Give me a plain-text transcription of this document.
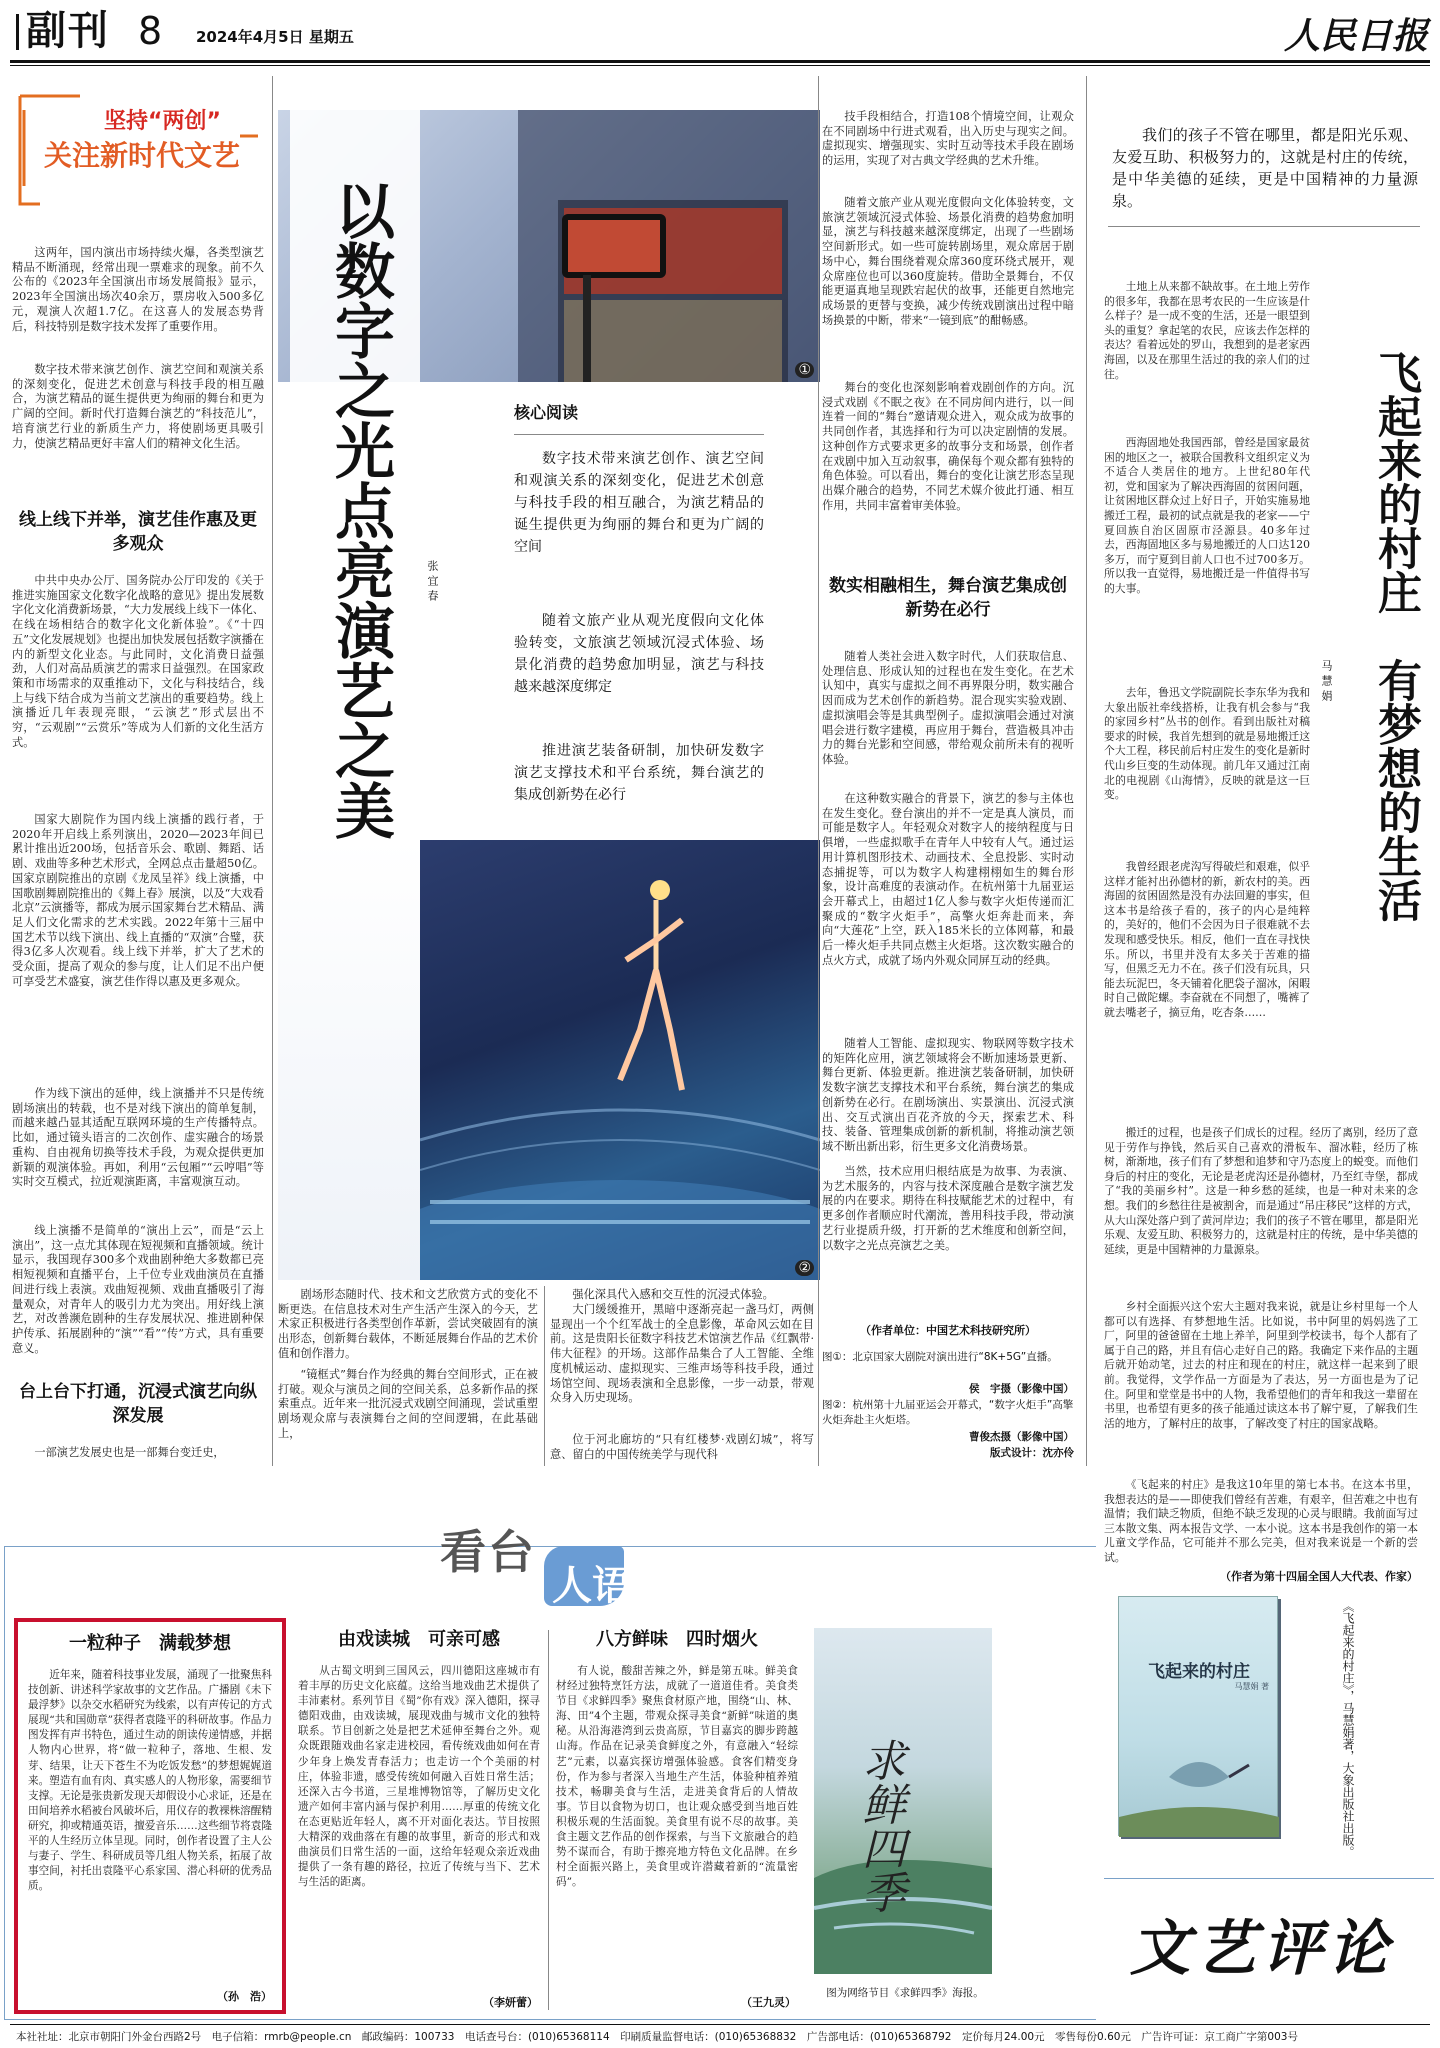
副刊 8 2024年4月5日 星期五	人民日报
坚持“两创”
关注新时代文艺
这两年，国内演出市场持续火爆，各类型演艺精品不断涌现，经常出现一票难求的现象。前不久公布的《2023年全国演出市场发展简报》显示，2023年全国演出场次40余万，票房收入500多亿元，观演人次超1.7亿。在这喜人的发展态势背后，科技特别是数字技术发挥了重要作用。
数字技术带来演艺创作、演艺空间和观演关系的深刻变化，促进艺术创意与科技手段的相互融合，为演艺精品的诞生提供更为绚丽的舞台和更为广阔的空间。新时代打造舞台演艺的“科技范儿”，培育演艺行业的新质生产力，将使剧场更具吸引力，使演艺精品更好丰富人们的精神文化生活。
线上线下并举，演艺佳作惠及更多观众
中共中央办公厅、国务院办公厅印发的《关于推进实施国家文化数字化战略的意见》提出发展数字化文化消费新场景，“大力发展线上线下一体化、在线在场相结合的数字化文化新体验”。《“十四五”文化发展规划》也提出加快发展包括数字演播在内的新型文化业态。与此同时，文化消费日益强劲，人们对高品质演艺的需求日益强烈。在国家政策和市场需求的双重推动下，文化与科技结合，线上与线下结合成为当前文艺演出的重要趋势。线上演播近几年表现亮眼，“云演艺”形式层出不穷，“云观剧”“云赏乐”等成为人们新的文化生活方式。
国家大剧院作为国内线上演播的践行者，于2020年开启线上系列演出，2020—2023年间已累计推出近200场，包括音乐会、歌剧、舞蹈、话剧、戏曲等多种艺术形式，全网总点击量超50亿。国家京剧院推出的京剧《龙凤呈祥》线上演播，中国歌剧舞剧院推出的《舞上春》展演，以及“大戏看北京”云演播等，都成为展示国家舞台艺术精品、满足人们文化需求的艺术实践。2022年第十三届中国艺术节以线下演出、线上直播的“双演”合璧，获得3亿多人次观看。线上线下并举，扩大了艺术的受众面，提高了观众的参与度，让人们足不出户便可享受艺术盛宴，演艺佳作得以惠及更多观众。
作为线下演出的延伸，线上演播并不只是传统剧场演出的转载，也不是对线下演出的简单复制，而越来越凸显其适配互联网环境的生产传播特点。比如，通过镜头语言的二次创作、虚实融合的场景重构、自由视角切换等技术手段，为观众提供更加新颖的观演体验。再如，利用“云包厢”“云哼唱”等实时交互模式，拉近观演距离，丰富观演互动。
线上演播不是简单的“演出上云”，而是“云上演出”，这一点尤其体现在短视频和直播领域。统计显示，我国现存300多个戏曲剧种绝大多数都已亮相短视频和直播平台，上千位专业戏曲演员在直播间进行线上表演。戏曲短视频、戏曲直播吸引了海量观众，对青年人的吸引力尤为突出。用好线上演艺，对改善濒危剧种的生存发展状况、推进剧种保护传承、拓展剧种的“演”“看”“传”方式，具有重要意义。
台上台下打通，沉浸式演艺向纵深发展
一部演艺发展史也是一部舞台变迁史，
①
以数字之光点亮演艺之美	张宜春
核心阅读
数字技术带来演艺创作、演艺空间和观演关系的深刻变化，促进艺术创意与科技手段的相互融合，为演艺精品的诞生提供更为绚丽的舞台和更为广阔的空间
随着文旅产业从观光度假向文化体验转变，文旅演艺领域沉浸式体验、场景化消费的趋势愈加明显，演艺与科技越来越深度绑定
推进演艺装备研制，加快研发数字演艺支撑技术和平台系统，舞台演艺的集成创新势在必行
②
剧场形态随时代、技术和文艺欣赏方式的变化不断更迭。在信息技术对生产生活产生深入的今天，艺术家正积极进行各类型创作革新，尝试突破固有的演出形态，创新舞台载体，不断延展舞台作品的艺术价值和创作潜力。
“镜框式”舞台作为经典的舞台空间形式，正在被打破。观众与演员之间的空间关系，总多新作品的探索重点。近年来一批沉浸式戏剧空间涌现，尝试重塑剧场观众席与表演舞台之间的空间逻辑，在此基础上，
强化深具代入感和交互性的沉浸式体验。
大门缓缓推开，黑暗中逐渐亮起一盏马灯，两侧显现出一个个红军战士的全息影像，革命风云如在目前。这是贵阳长征数字科技艺术馆演艺作品《红飘带·伟大征程》的开场。这部作品集合了人工智能、全维度机械运动、虚拟现实、三维声场等科技手段，通过场馆空间、现场表演和全息影像，一步一动景，带观众身入历史现场。
位于河北廊坊的“只有红楼梦·戏剧幻城”，将写意、留白的中国传统美学与现代科
技手段相结合，打造108个情境空间，让观众在不同剧场中行进式观看，出入历史与现实之间。虚拟现实、增强现实、实时互动等技术手段在剧场的运用，实现了对古典文学经典的艺术升维。
随着文旅产业从观光度假向文化体验转变，文旅演艺领域沉浸式体验、场景化消费的趋势愈加明显，演艺与科技越来越深度绑定，出现了一些剧场空间新形式。如一些可旋转剧场里，观众席居于剧场中心，舞台围绕着观众席360度环绕式展开，观众席座位也可以360度旋转。借助全景舞台，不仅能更逼真地呈现跌宕起伏的故事，还能更自然地完成场景的更替与变换，减少传统戏剧演出过程中暗场换景的中断，带来“一镜到底”的酣畅感。
舞台的变化也深刻影响着戏剧创作的方向。沉浸式戏剧《不眠之夜》在不同房间内进行，以一间连着一间的“舞台”邀请观众进入，观众成为故事的共同创作者，其选择和行为可以决定剧情的发展。这种创作方式要求更多的故事分支和场景，创作者在戏剧中加入互动叙事，确保每个观众都有独特的角色体验。可以看出，舞台的变化让演艺形态呈现出媒介融合的趋势，不同艺术媒介彼此打通、相互作用，共同丰富着审美体验。
数实相融相生，舞台演艺集成创新势在必行
随着人类社会进入数字时代，人们获取信息、处理信息、形成认知的过程也在发生变化。在艺术认知中，真实与虚拟之间不再界限分明，数实融合因而成为艺术创作的新趋势。混合现实实验戏剧、虚拟演唱会等是其典型例子。虚拟演唱会通过对演唱会进行数字建模，再应用于舞台，营造极具冲击力的舞台光影和空间感，带给观众前所未有的视听体验。
在这种数实融合的背景下，演艺的参与主体也在发生变化。登台演出的并不一定是真人演员，而可能是数字人。年轻观众对数字人的接纳程度与日俱增，一些虚拟歌手在青年人中较有人气。通过运用计算机图形技术、动画技术、全息投影、实时动态捕捉等，可以为数字人构建栩栩如生的舞台形象，设计高难度的表演动作。在杭州第十九届亚运会开幕式上，由超过1亿人参与数字火炬传递而汇聚成的“数字火炬手”，高擎火炬奔赴而来，奔向“大莲花”上空，跃入185米长的立体网幕，和最后一棒火炬手共同点燃主火炬塔。这次数实融合的点火方式，成就了场内外观众同屏互动的经典。
随着人工智能、虚拟现实、物联网等数字技术的矩阵化应用，演艺领域将会不断加速场景更新、舞台更新、体验更新。推进演艺装备研制，加快研发数字演艺支撑技术和平台系统，舞台演艺的集成创新势在必行。在剧场演出、实景演出、沉浸式演出、交互式演出百花齐放的今天，探索艺术、科技、装备、管理集成创新的新机制，将推动演艺领域不断出新出彩，衍生更多文化消费场景。
当然，技术应用归根结底是为故事、为表演、为艺术服务的，内容与技术深度融合是数字演艺发展的内在要求。期待在科技赋能艺术的过程中，有更多创作者顺应时代潮流，善用科技手段，带动演艺行业提质升级，打开新的艺术维度和创新空间，以数字之光点亮演艺之美。
（作者单位：中国艺术科技研究所）
图①：北京国家大剧院对演出进行“8K+5G”直播。
侯　宇摄（影像中国）
图②：杭州第十九届亚运会开幕式，“数字火炬手”高擎火炬奔赴主火炬塔。
曹俊杰摄（影像中国）
版式设计：沈亦伶
我们的孩子不管在哪里，都是阳光乐观、友爱互助、积极努力的，这就是村庄的传统，是中华美德的延续，更是中国精神的力量源泉。
飞起来的村庄　有梦想的生活
马慧娟
土地上从来都不缺故事。在土地上劳作的很多年，我都在思考农民的一生应该是什么样子？是一成不变的生活，还是一眼望到头的重复？拿起笔的农民，应该去作怎样的表达？看着远处的罗山，我想到的是老家西海固，以及在那里生活过的我的亲人们的过往。
西海固地处我国西部，曾经是国家最贫困的地区之一，被联合国教科文组织定义为不适合人类居住的地方。上世纪80年代初，党和国家为了解决西海固的贫困问题，让贫困地区群众过上好日子，开始实施易地搬迁工程，最初的试点就是我的老家——宁夏回族自治区固原市泾源县。40多年过去，西海固地区多与易地搬迁的人口达120多万，而宁夏到目前人口也不过700多万。所以我一直觉得，易地搬迁是一件值得书写的大事。
去年，鲁迅文学院副院长李东华为我和大象出版社牵线搭桥，让我有机会参与“我的家园乡村”丛书的创作。看到出版社对稿要求的时候，我首先想到的就是易地搬迁这个大工程，移民前后村庄发生的变化是新时代山乡巨变的生动体现。前几年又通过江南北的电视剧《山海情》，反映的就是这一巨变。
我曾经跟老虎沟写得破烂和艰难，似乎这样才能衬出孙德材的新，新农村的美。西海固的贫困固然是没有办法回避的事实，但这本书是给孩子看的，孩子的内心是纯粹的，美好的，他们不会因为日子很难就不去发现和感受快乐。相反，他们一直在寻找快乐。所以，书里并没有太多关于苦难的描写，但黑乏无力不在。孩子们没有玩具，只能去玩泥巴，冬天铺着化肥袋子溜冰，闲暇时自己做陀螺。李奋就在不同想了，嘴裤了就去嘴老子，摘豆角，吃杏条……
搬迁的过程，也是孩子们成长的过程。经历了离别，经历了意见于劳作与挣钱，然后买自己喜欢的滑板车、溜冰鞋，经历了栋树，渐渐地，孩子们有了梦想和追梦和守乃态度上的蜕变。而他们身后的村庄的变化，无论是老虎沟还是孙德材，乃至红寺堡，都成了“我的美丽乡村”。这是一种乡愁的延续，也是一种对未来的念想。我们的乡愁往往是被割舍，而是通过“吊庄移民”这样的方式，从大山深处落户到了黄河岸边；我们的孩子不管在哪里，都是阳光乐观、友爱互助、积极努力的，这就是村庄的传统，是中华美德的延续，更是中国精神的力量源泉。
乡村全面振兴这个宏大主题对我来说，就是让乡村里每一个人都可以有选择、有梦想地生活。比如说，书中阿里的妈妈选了工厂，阿里的爸爸留在土地上养羊，阿里到学校读书，每个人都有了属于自己的路，并且有信心走好自己的路。我确定下来作品的主题后就开始动笔，过去的村庄和现在的村庄，就这样一起来到了眼前。我觉得，文学作品一方面是为了表达，另一方面也是为了记住。阿里和堂堂是书中的人物，我希望他们的青年和我这一辈留在书里，也希望有更多的孩子能通过读这本书了解宁夏，了解我们生活的地方，了解村庄的故事，了解改变了村庄的国家战略。
《飞起来的村庄》是我这10年里的第七本书。在这本书里，我想表达的是——即使我们曾经有苦难，有艰辛，但苦难之中也有温情；我们缺乏物质，但绝不缺乏发现的心灵与眼睛。我前面写过三本散文集、两本报告文学、一本小说。这本书是我创作的第一本儿童文学作品，它可能并不那么完美，但对我来说是一个新的尝试。
（作者为第十四届全国人大代表、作家）
看台
人语
一粒种子　满载梦想
近年来，随着科技事业发展，涌现了一批聚焦科技创新、讲述科学家故事的文艺作品。广播剧《未下最浮梦》以杂交水稻研究为线索，以有声传记的方式展现“共和国勋章”获得者袁隆平的科研故事。作品力图发挥有声书特色，通过生动的朗读传递情感，并据人物内心世界，将“做一粒种子，落地、生根、发芽、结果，让天下苍生不为吃饭发愁”的梦想娓娓道来。塑造有血有肉、真实感人的人物形象，需要细节支撑。无论是张贵新发现天却假设小心求证，还是在田间培养水稻被台风破坏后，用仪存的教裸株溶醒精研究，抑或精通英语，擅爱音乐……这些细节将袁隆平的人生经历立体呈现。同时，创作者设置了主人公与妻子、学生、科研成员等几组人物关系，拓展了故事空间，衬托出袁隆平心系家国、潜心科研的优秀品质。
（孙　浩）
由戏读城　可亲可感
从古蜀文明到三国风云，四川德阳这座城市有着丰厚的历史文化底蕴。这给当地戏曲艺术提供了丰沛素材。系列节目《蜀”你有戏》深入德阳，探寻德阳戏曲，由戏读城，展现戏曲与城市文化的独特联系。节目创新之处是把艺术延伸至舞台之外。观众既跟随戏曲名家走进校园，看传统戏曲如何在青少年身上焕发青春活力；也走访一个个美丽的村庄，体验非遗，感受传统如何融入百姓日常生活；还深入古今书道，三星堆博物馆等，了解历史文化遗产如何丰富内涵与保护利用……厚重的传统文化在态更贴近年轻人，离不开对面化表达。节目按照大精深的戏曲落在有趣的故事里，新奇的形式和戏曲演员们日常生活的一面，这给年轻观众亲近戏曲提供了一条有趣的路径，拉近了传统与当下、艺术与生活的距离。
（李妍蕾）
八方鲜味　四时烟火
有人说，酸甜苦辣之外，鲜是第五味。鲜美食材经过独特烹饪方法，成就了一道道佳肴。美食类节目《求鲜四季》聚焦食材原产地，围绕“山、林、海、田”4个主题，带观众探寻美食“新鲜”味道的奥秘。从沿海港湾到云贵高原，节目嘉宾的脚步跨越山海。作品在记录美食鲜度之外，有意融入“轻综艺”元素，以嘉宾探访增强体验感。食客们精变身份，作为参与者深入当地生产生活，体验种植养殖技术，畅聊美食与生活，走进美食背后的人情故事。节目以食物为切口，也让观众感受到当地百姓积极乐观的生活面貌。美食里有说不尽的故事。美食主题文艺作品的创作探索，与当下文旅融合的趋势不谋而合，有助于擦亮地方特色文化品牌。在乡村全面振兴路上，美食里或许潜藏着新的“流量密码”。
（王九灵）
求鲜四季
图为网络节目《求鲜四季》海报。
飞起来的村庄
马慧娟 著	《飞起来的村庄》，马慧娟著，大象出版社出版。
文艺评论
本社社址：北京市朝阳门外金台西路2号　电子信箱：rmrb@people.cn　邮政编码：100733　电话查号台：(010)65368114　印刷质量监督电话：(010)65368832　广告部电话：(010)65368792　定价每月24.00元　零售每份0.60元　广告许可证：京工商广字第003号
